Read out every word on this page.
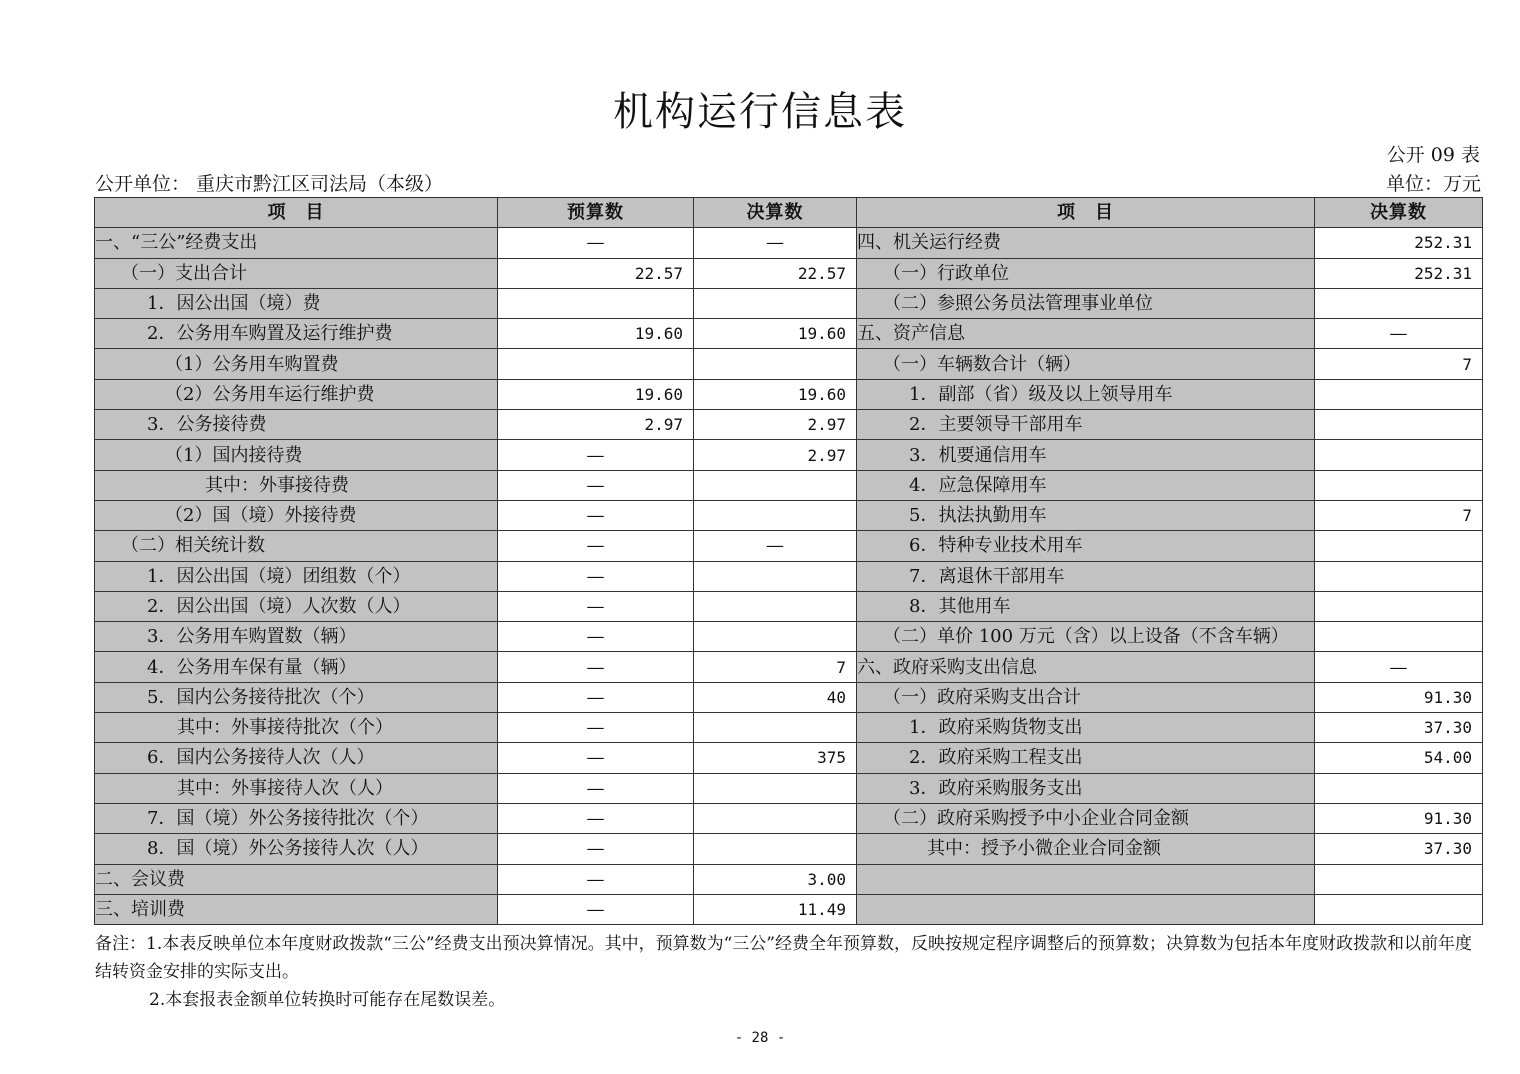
机构运行信息表
公开 09 表
公开单位： 重庆市黔江区司法局（本级）	单位：万元
项　目	预算数	决算数	项　目	决算数
一、“三公”经费支出	—	—	四、机关运行经费	252.31
（一）支出合计	22.57	22.57	（一）行政单位	252.31
1．因公出国（境）费			（二）参照公务员法管理事业单位	
2．公务用车购置及运行维护费	19.60	19.60	五、资产信息	—
（1）公务用车购置费			（一）车辆数合计（辆）	7
（2）公务用车运行维护费	19.60	19.60	1．副部（省）级及以上领导用车	
3．公务接待费	2.97	2.97	2．主要领导干部用车	
（1）国内接待费	—	2.97	3．机要通信用车	
其中：外事接待费	—		4．应急保障用车	
（2）国（境）外接待费	—		5．执法执勤用车	7
（二）相关统计数	—	—	6．特种专业技术用车	
1．因公出国（境）团组数（个）	—		7．离退休干部用车	
2．因公出国（境）人次数（人）	—		8．其他用车	
3．公务用车购置数（辆）	—		（二）单价 100 万元（含）以上设备（不含车辆）	
4．公务用车保有量（辆）	—	7	六、政府采购支出信息	—
5．国内公务接待批次（个）	—	40	（一）政府采购支出合计	91.30
其中：外事接待批次（个）	—		1．政府采购货物支出	37.30
6．国内公务接待人次（人）	—	375	2．政府采购工程支出	54.00
其中：外事接待人次（人）	—		3．政府采购服务支出	
7．国（境）外公务接待批次（个）	—		（二）政府采购授予中小企业合同金额	91.30
8．国（境）外公务接待人次（人）	—		其中：授予小微企业合同金额	37.30
二、会议费	—	3.00		
三、培训费	—	11.49		
备注：1.本表反映单位本年度财政拨款“三公”经费支出预决算情况。其中，预算数为“三公”经费全年预算数，反映按规定程序调整后的预算数；决算数为包括本年度财政拨款和以前年度结转资金安排的实际支出。
2.本套报表金额单位转换时可能存在尾数误差。
- 28 -
